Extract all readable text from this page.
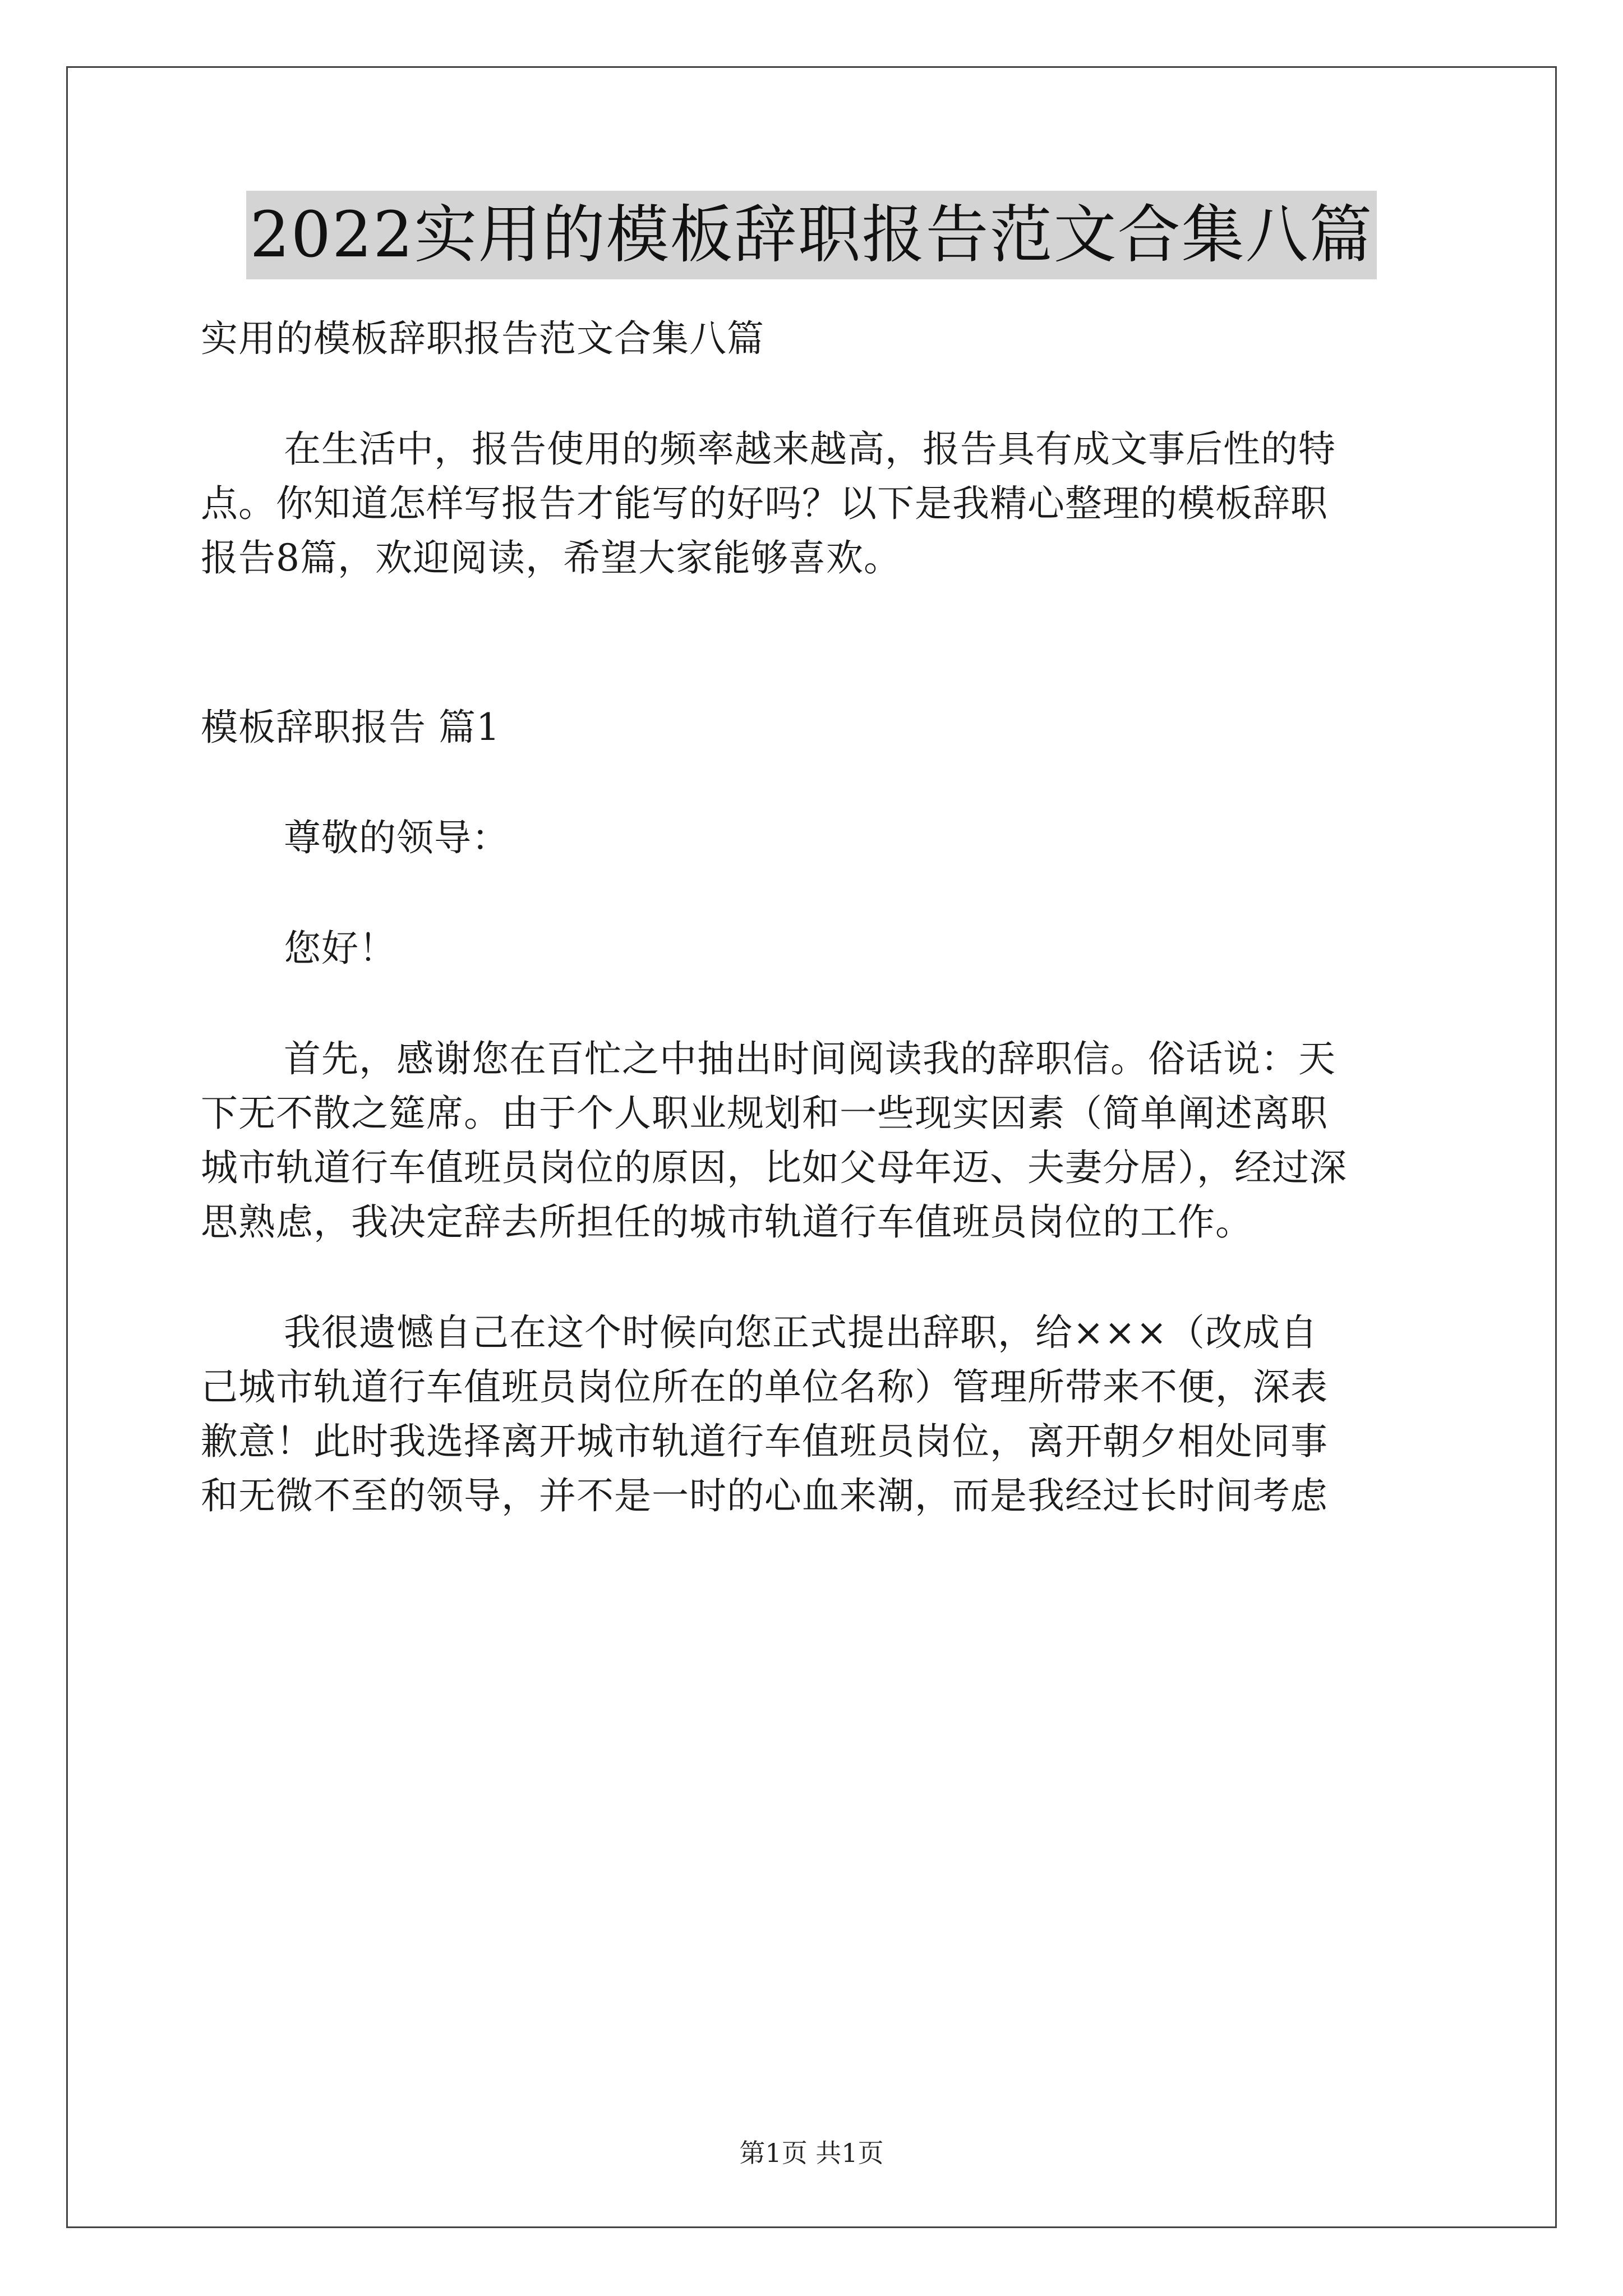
2022实用的模板辞职报告范文合集八篇
实用的模板辞职报告范文合集八篇
在生活中，报告使用的频率越来越高，报告具有成文事后性的特
点。你知道怎样写报告才能写的好吗？以下是我精心整理的模板辞职
报告8篇，欢迎阅读，希望大家能够喜欢。
模板辞职报告 篇1
尊敬的领导：
您好！
首先，感谢您在百忙之中抽出时间阅读我的辞职信。俗话说：天
下无不散之筵席。由于个人职业规划和一些现实因素（简单阐述离职
城市轨道行车值班员岗位的原因，比如父母年迈、夫妻分居），经过深
思熟虑，我决定辞去所担任的城市轨道行车值班员岗位的工作。
我很遗憾自己在这个时候向您正式提出辞职，给×××（改成自
己城市轨道行车值班员岗位所在的单位名称）管理所带来不便，深表
歉意！此时我选择离开城市轨道行车值班员岗位，离开朝夕相处同事
和无微不至的领导，并不是一时的心血来潮，而是我经过长时间考虑
第1页 共1页
